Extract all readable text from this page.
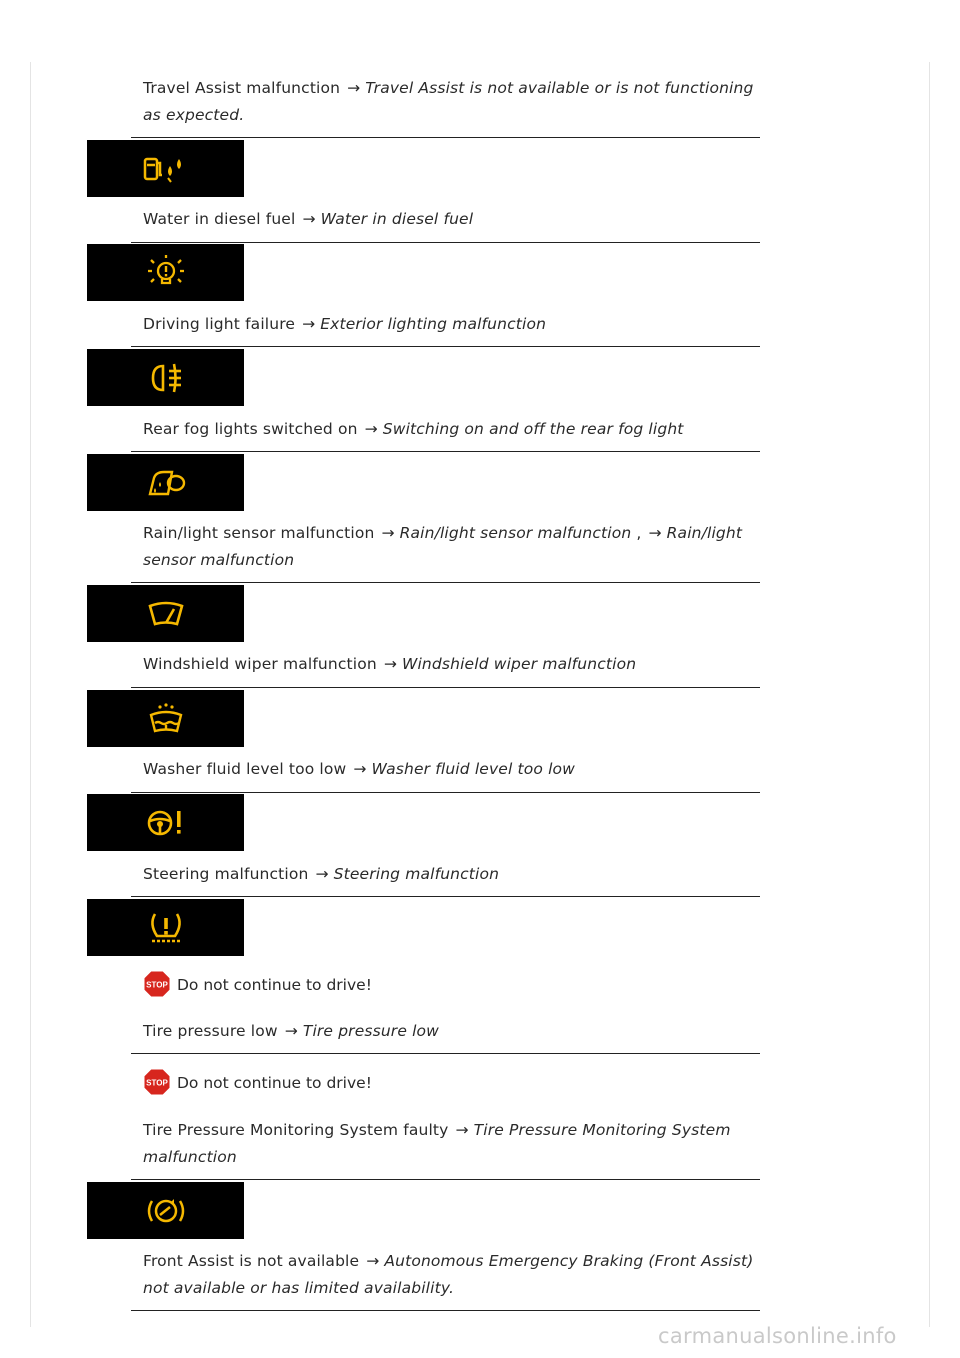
Travel Assist malfunction → Travel Assist is not available or is not functioning as expected.
Water in diesel fuel → Water in diesel fuel
Driving light failure → Exterior lighting malfunction
Rear fog lights switched on → Switching on and off the rear fog light
Rain/light sensor malfunction → Rain/light sensor malfunction , → Rain/light sensor malfunction
Windshield wiper malfunction → Windshield wiper malfunction
Washer fluid level too low → Washer fluid level too low
Steering malfunction → Steering malfunction
STOP Do not continue to drive!
Tire pressure low → Tire pressure low
STOP Do not continue to drive!
Tire Pressure Monitoring System faulty → Tire Pressure Monitoring System malfunction
Front Assist is not available → Autonomous Emergency Braking (Front Assist) not available or has limited availability.
carmanualsonline.info
